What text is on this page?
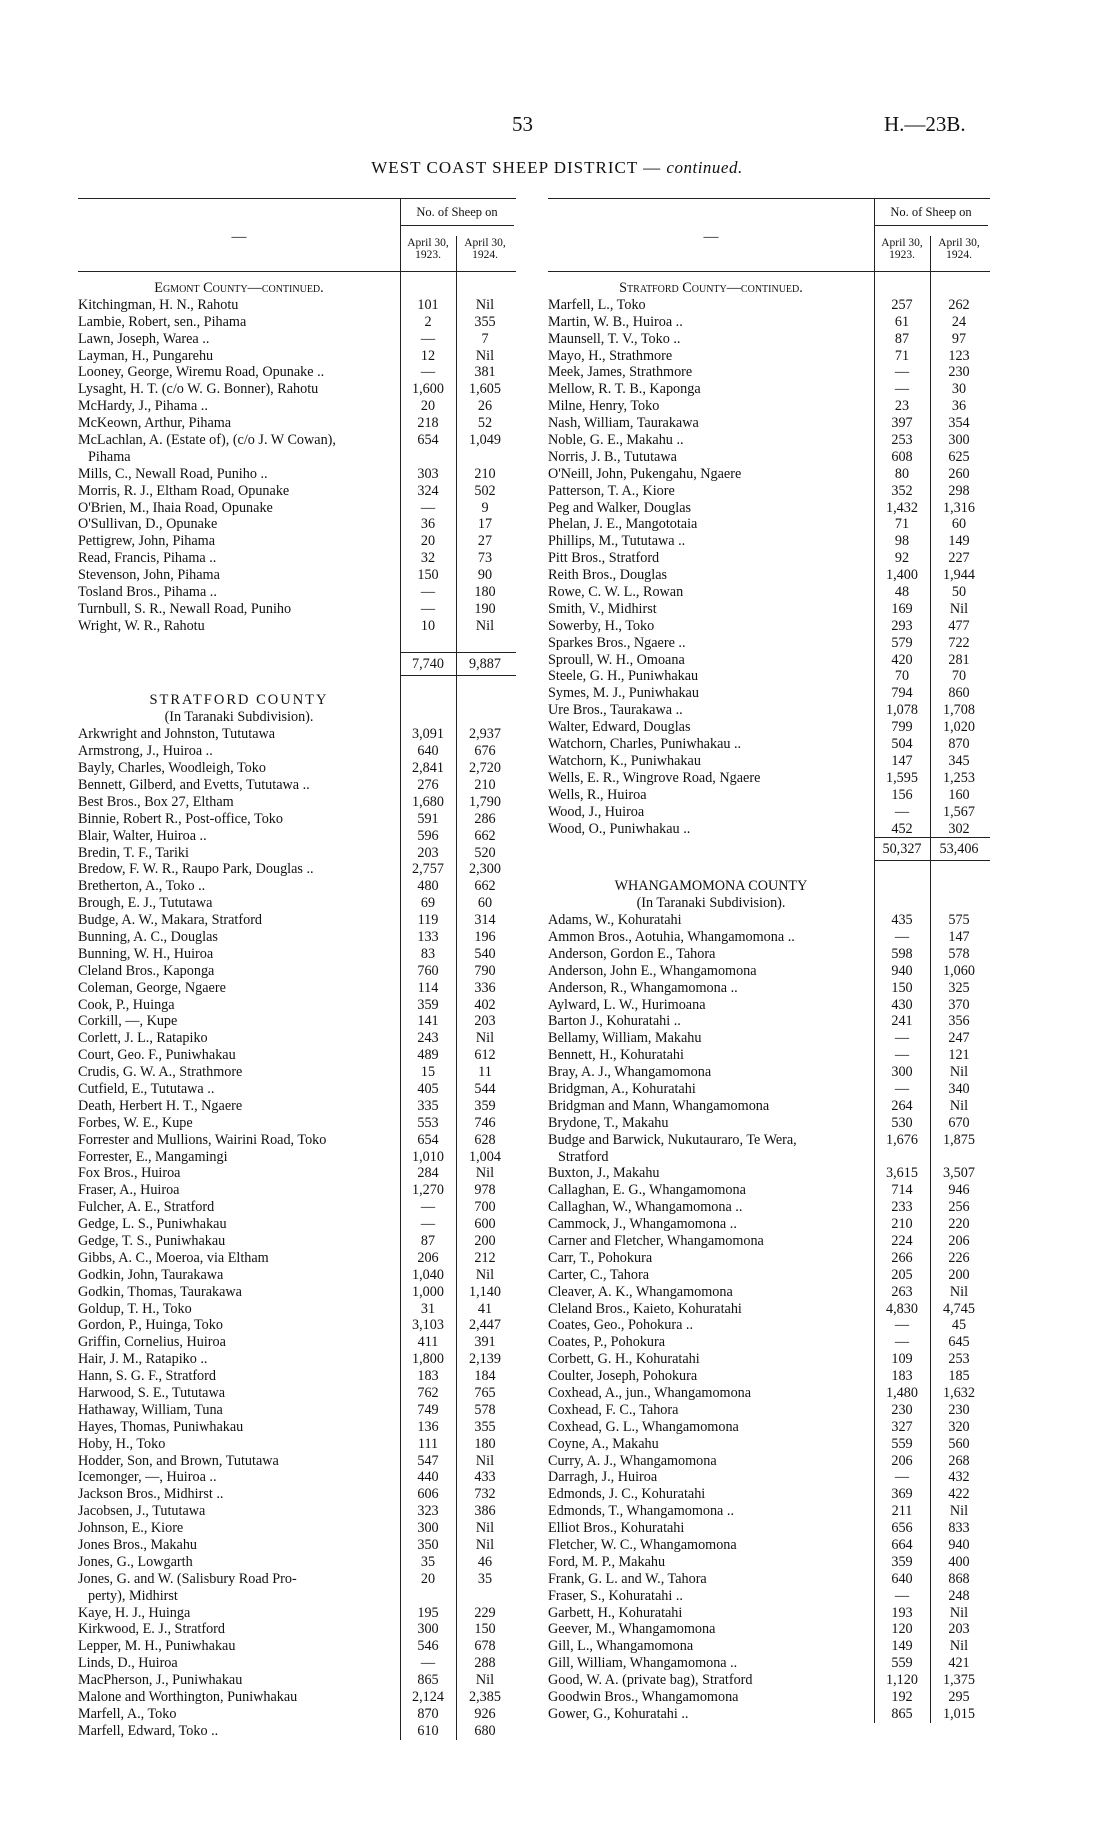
53	H.—23B.
WEST COAST SHEEP DISTRICT — continued.
—
No. of Sheep on
April 30, 1923.
April 30, 1924.
Egmont County—continued.
Kitchingman, H. N., Rahotu	101	Nil
Lambie, Robert, sen., Pihama	2	355
Lawn, Joseph, Warea ..	—	7
Layman, H., Pungarehu	12	Nil
Looney, George, Wiremu Road, Opunake ..	—	381
Lysaght, H. T. (c/o W. G. Bonner), Rahotu	1,600	1,605
McHardy, J., Pihama ..	20	26
McKeown, Arthur, Pihama	218	52
McLachlan, A. (Estate of), (c/o J. W Cowan),	654	1,049
Pihama
Mills, C., Newall Road, Puniho ..	303	210
Morris, R. J., Eltham Road, Opunake	324	502
O'Brien, M., Ihaia Road, Opunake	—	9
O'Sullivan, D., Opunake	36	17
Pettigrew, John, Pihama	20	27
Read, Francis, Pihama ..	32	73
Stevenson, John, Pihama	150	90
Tosland Bros., Pihama ..	—	180
Turnbull, S. R., Newall Road, Puniho	—	190
Wright, W. R., Rahotu	10	Nil
7,740	9,887
STRATFORD COUNTY
(In Taranaki Subdivision).
Arkwright and Johnston, Tututawa	3,091	2,937
Armstrong, J., Huiroa ..	640	676
Bayly, Charles, Woodleigh, Toko	2,841	2,720
Bennett, Gilberd, and Evetts, Tututawa ..	276	210
Best Bros., Box 27, Eltham	1,680	1,790
Binnie, Robert R., Post-office, Toko	591	286
Blair, Walter, Huiroa ..	596	662
Bredin, T. F., Tariki	203	520
Bredow, F. W. R., Raupo Park, Douglas ..	2,757	2,300
Bretherton, A., Toko ..	480	662
Brough, E. J., Tututawa	69	60
Budge, A. W., Makara, Stratford	119	314
Bunning, A. C., Douglas	133	196
Bunning, W. H., Huiroa	83	540
Cleland Bros., Kaponga	760	790
Coleman, George, Ngaere	114	336
Cook, P., Huinga	359	402
Corkill, —, Kupe	141	203
Corlett, J. L., Ratapiko	243	Nil
Court, Geo. F., Puniwhakau	489	612
Crudis, G. W. A., Strathmore	15	11
Cutfield, E., Tututawa ..	405	544
Death, Herbert H. T., Ngaere	335	359
Forbes, W. E., Kupe	553	746
Forrester and Mullions, Wairini Road, Toko	654	628
Forrester, E., Mangamingi	1,010	1,004
Fox Bros., Huiroa	284	Nil
Fraser, A., Huiroa	1,270	978
Fulcher, A. E., Stratford	—	700
Gedge, L. S., Puniwhakau	—	600
Gedge, T. S., Puniwhakau	87	200
Gibbs, A. C., Moeroa, via Eltham	206	212
Godkin, John, Taurakawa	1,040	Nil
Godkin, Thomas, Taurakawa	1,000	1,140
Goldup, T. H., Toko	31	41
Gordon, P., Huinga, Toko	3,103	2,447
Griffin, Cornelius, Huiroa	411	391
Hair, J. M., Ratapiko ..	1,800	2,139
Hann, S. G. F., Stratford	183	184
Harwood, S. E., Tututawa	762	765
Hathaway, William, Tuna	749	578
Hayes, Thomas, Puniwhakau	136	355
Hoby, H., Toko	111	180
Hodder, Son, and Brown, Tututawa	547	Nil
Icemonger, —, Huiroa ..	440	433
Jackson Bros., Midhirst ..	606	732
Jacobsen, J., Tututawa	323	386
Johnson, E., Kiore	300	Nil
Jones Bros., Makahu	350	Nil
Jones, G., Lowgarth	35	46
Jones, G. and W. (Salisbury Road Pro-	20	35
perty), Midhirst
Kaye, H. J., Huinga	195	229
Kirkwood, E. J., Stratford	300	150
Lepper, M. H., Puniwhakau	546	678
Linds, D., Huiroa	—	288
MacPherson, J., Puniwhakau	865	Nil
Malone and Worthington, Puniwhakau	2,124	2,385
Marfell, A., Toko	870	926
Marfell, Edward, Toko ..	610	680
—
No. of Sheep on
April 30, 1923.
April 30, 1924.
Stratford County—continued.
Marfell, L., Toko	257	262
Martin, W. B., Huiroa ..	61	24
Maunsell, T. V., Toko ..	87	97
Mayo, H., Strathmore	71	123
Meek, James, Strathmore	—	230
Mellow, R. T. B., Kaponga	—	30
Milne, Henry, Toko	23	36
Nash, William, Taurakawa	397	354
Noble, G. E., Makahu ..	253	300
Norris, J. B., Tututawa	608	625
O'Neill, John, Pukengahu, Ngaere	80	260
Patterson, T. A., Kiore	352	298
Peg and Walker, Douglas	1,432	1,316
Phelan, J. E., Mangototaia	71	60
Phillips, M., Tututawa ..	98	149
Pitt Bros., Stratford	92	227
Reith Bros., Douglas	1,400	1,944
Rowe, C. W. L., Rowan	48	50
Smith, V., Midhirst	169	Nil
Sowerby, H., Toko	293	477
Sparkes Bros., Ngaere ..	579	722
Sproull, W. H., Omoana	420	281
Steele, G. H., Puniwhakau	70	70
Symes, M. J., Puniwhakau	794	860
Ure Bros., Taurakawa ..	1,078	1,708
Walter, Edward, Douglas	799	1,020
Watchorn, Charles, Puniwhakau ..	504	870
Watchorn, K., Puniwhakau	147	345
Wells, E. R., Wingrove Road, Ngaere	1,595	1,253
Wells, R., Huiroa	156	160
Wood, J., Huiroa	—	1,567
Wood, O., Puniwhakau ..	452	302
50,327	53,406
WHANGAMOMONA COUNTY
(In Taranaki Subdivision).
Adams, W., Kohuratahi	435	575
Ammon Bros., Aotuhia, Whangamomona ..	—	147
Anderson, Gordon E., Tahora	598	578
Anderson, John E., Whangamomona	940	1,060
Anderson, R., Whangamomona ..	150	325
Aylward, L. W., Hurimoana	430	370
Barton J., Kohuratahi ..	241	356
Bellamy, William, Makahu	—	247
Bennett, H., Kohuratahi	—	121
Bray, A. J., Whangamomona	300	Nil
Bridgman, A., Kohuratahi	—	340
Bridgman and Mann, Whangamomona	264	Nil
Brydone, T., Makahu	530	670
Budge and Barwick, Nukutauraro, Te Wera,	1,676	1,875
Stratford
Buxton, J., Makahu	3,615	3,507
Callaghan, E. G., Whangamomona	714	946
Callaghan, W., Whangamomona ..	233	256
Cammock, J., Whangamomona ..	210	220
Carner and Fletcher, Whangamomona	224	206
Carr, T., Pohokura	266	226
Carter, C., Tahora	205	200
Cleaver, A. K., Whangamomona	263	Nil
Cleland Bros., Kaieto, Kohuratahi	4,830	4,745
Coates, Geo., Pohokura ..	—	45
Coates, P., Pohokura	—	645
Corbett, G. H., Kohuratahi	109	253
Coulter, Joseph, Pohokura	183	185
Coxhead, A., jun., Whangamomona	1,480	1,632
Coxhead, F. C., Tahora	230	230
Coxhead, G. L., Whangamomona	327	320
Coyne, A., Makahu	559	560
Curry, A. J., Whangamomona	206	268
Darragh, J., Huiroa	—	432
Edmonds, J. C., Kohuratahi	369	422
Edmonds, T., Whangamomona ..	211	Nil
Elliot Bros., Kohuratahi	656	833
Fletcher, W. C., Whangamomona	664	940
Ford, M. P., Makahu	359	400
Frank, G. L. and W., Tahora	640	868
Fraser, S., Kohuratahi ..	—	248
Garbett, H., Kohuratahi	193	Nil
Geever, M., Whangamomona	120	203
Gill, L., Whangamomona	149	Nil
Gill, William, Whangamomona ..	559	421
Good, W. A. (private bag), Stratford	1,120	1,375
Goodwin Bros., Whangamomona	192	295
Gower, G., Kohuratahi ..	865	1,015
